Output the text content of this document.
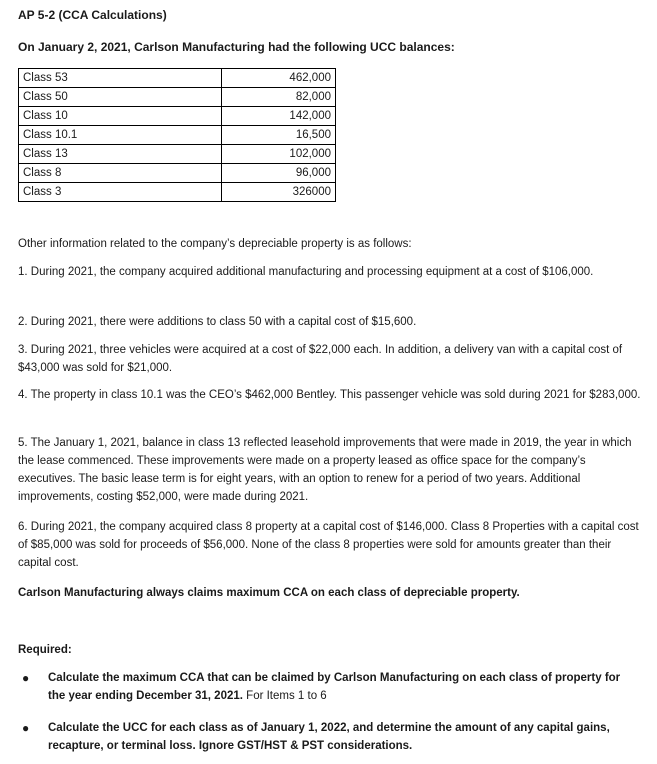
AP 5-2 (CCA Calculations)
On January 2, 2021, Carlson Manufacturing had the following UCC balances:
Class 53	462,000
Class 50	82,000
Class 10	142,000
Class 10.1	16,500
Class 13	102,000
Class 8	96,000
Class 3	326000
Other information related to the company’s depreciable property is as follows:
1. During 2021, the company acquired additional manufacturing and processing equipment at a cost of $106,000.
2. During 2021, there were additions to class 50 with a capital cost of $15,600.
3. During 2021, three vehicles were acquired at a cost of $22,000 each. In addition, a delivery van with a capital cost of $43,000 was sold for $21,000.
4. The property in class 10.1 was the CEO’s $462,000 Bentley. This passenger vehicle was sold during 2021 for $283,000.
5. The January 1, 2021, balance in class 13 reflected leasehold improvements that were made in 2019, the year in which the lease commenced. These improvements were made on a property leased as office space for the company’s executives. The basic lease term is for eight years, with an option to renew for a period of two years. Additional improvements, costing $52,000, were made during 2021.
6. During 2021, the company acquired class 8 property at a capital cost of $146,000. Class 8 Properties with a capital cost of $85,000 was sold for proceeds of $56,000. None of the class 8 properties were sold for amounts greater than their capital cost.
Carlson Manufacturing always claims maximum CCA on each class of depreciable property.
Required:
● Calculate the maximum CCA that can be claimed by Carlson Manufacturing on each class of property for the year ending December 31, 2021. For Items 1 to 6
● Calculate the UCC for each class as of January 1, 2022, and determine the amount of any capital gains, recapture, or terminal loss. Ignore GST/HST & PST considerations.
